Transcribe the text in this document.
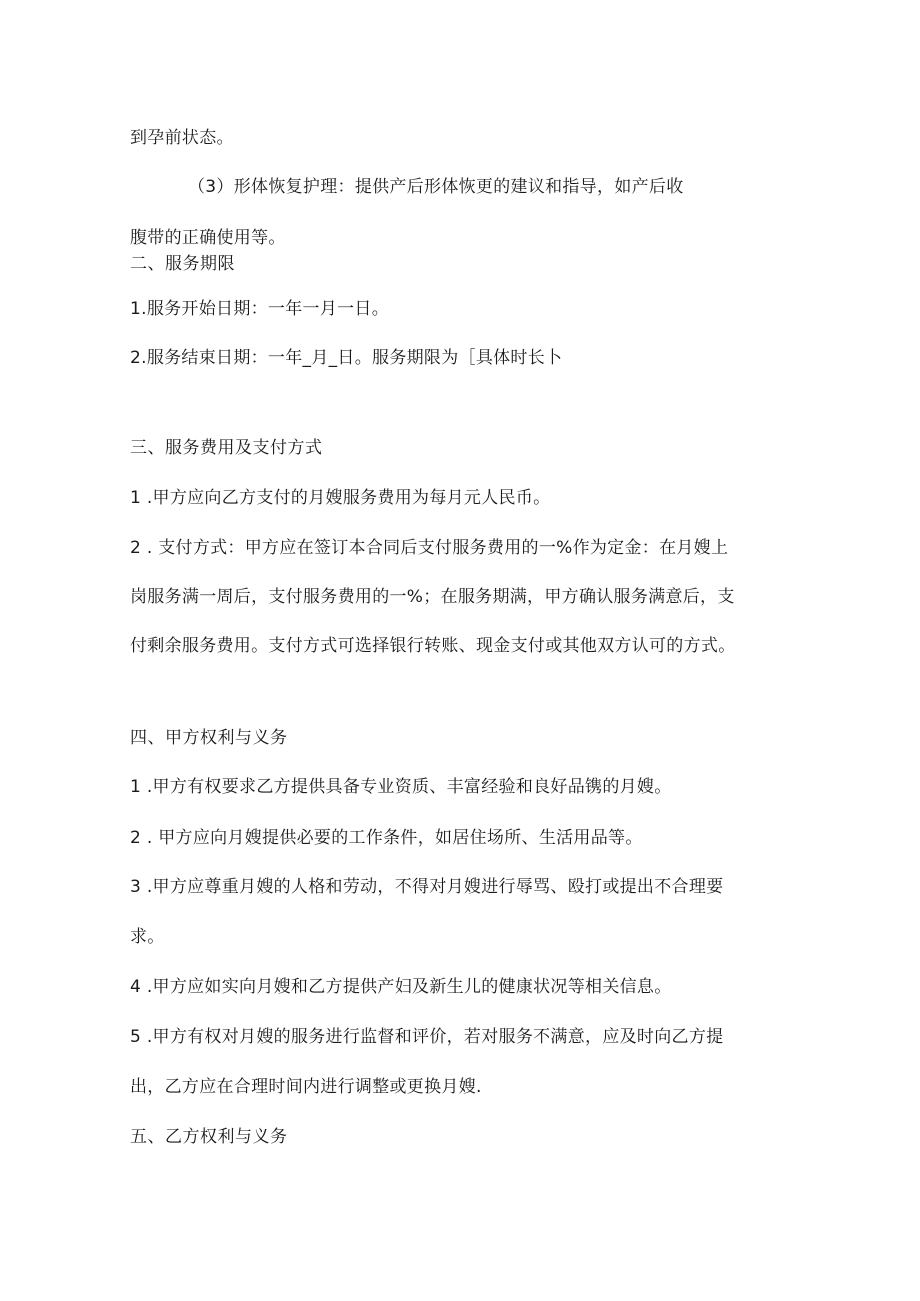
到孕前状态。
（3）形体恢复护理：提供产后形体恢更的建议和指导，如产后收
腹带的正确使用等。
二、服务期限
1.服务开始日期：一年一月一日。
2.服务结束日期：一年_月_日。服务期限为［具体时长卜
三、服务费用及支付方式
1 .甲方应向乙方支付的月嫂服务费用为每月元人民币。
2 . 支付方式：甲方应在签订本合同后支付服务费用的一%作为定金：在月嫂上
岗服务满一周后，支付服务费用的一%；在服务期满，甲方确认服务满意后，支
付剩余服务费用。支付方式可选择银行转账、现金支付或其他双方认可的方式。
四、甲方权利与义务
1 .甲方有权要求乙方提供具备专业资质、丰富经验和良好品镌的月嫂。
2 . 甲方应向月嫂提供必要的工作条件，如居住场所、生活用品等。
3 .甲方应尊重月嫂的人格和劳动，不得对月嫂进行辱骂、殴打或提出不合理要
求。
4 .甲方应如实向月嫂和乙方提供产妇及新生儿的健康状况等相关信息。
5 .甲方有权对月嫂的服务进行监督和评价，若对服务不满意，应及时向乙方提
出，乙方应在合理时间内进行调整或更换月嫂.
五、乙方权利与义务
